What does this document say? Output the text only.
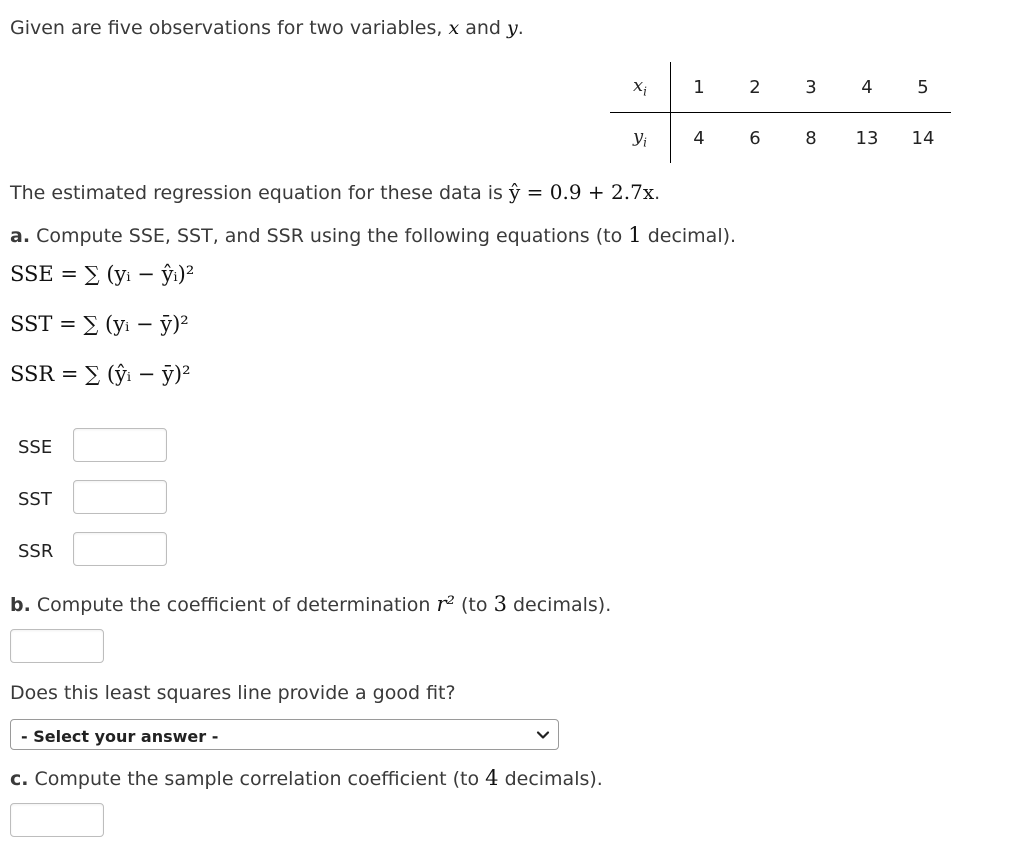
Given are five observations for two variables, x and y.
$x_i$	1	2	3	4	5
$y_i$	4	6	8	13	14
The estimated regression equation for these data is ŷ = 0.9 + 2.7x.
a. Compute SSE, SST, and SSR using the following equations (to 1 decimal).
SSE = ∑ (yᵢ − ŷᵢ)²
SST = ∑ (yᵢ − ȳ)²
SSR = ∑ (ŷᵢ − ȳ)²
SSE
SST
SSR
b. Compute the coefficient of determination r² (to 3 decimals).
Does this least squares line provide a good fit?
- Select your answer -
c. Compute the sample correlation coefficient (to 4 decimals).
